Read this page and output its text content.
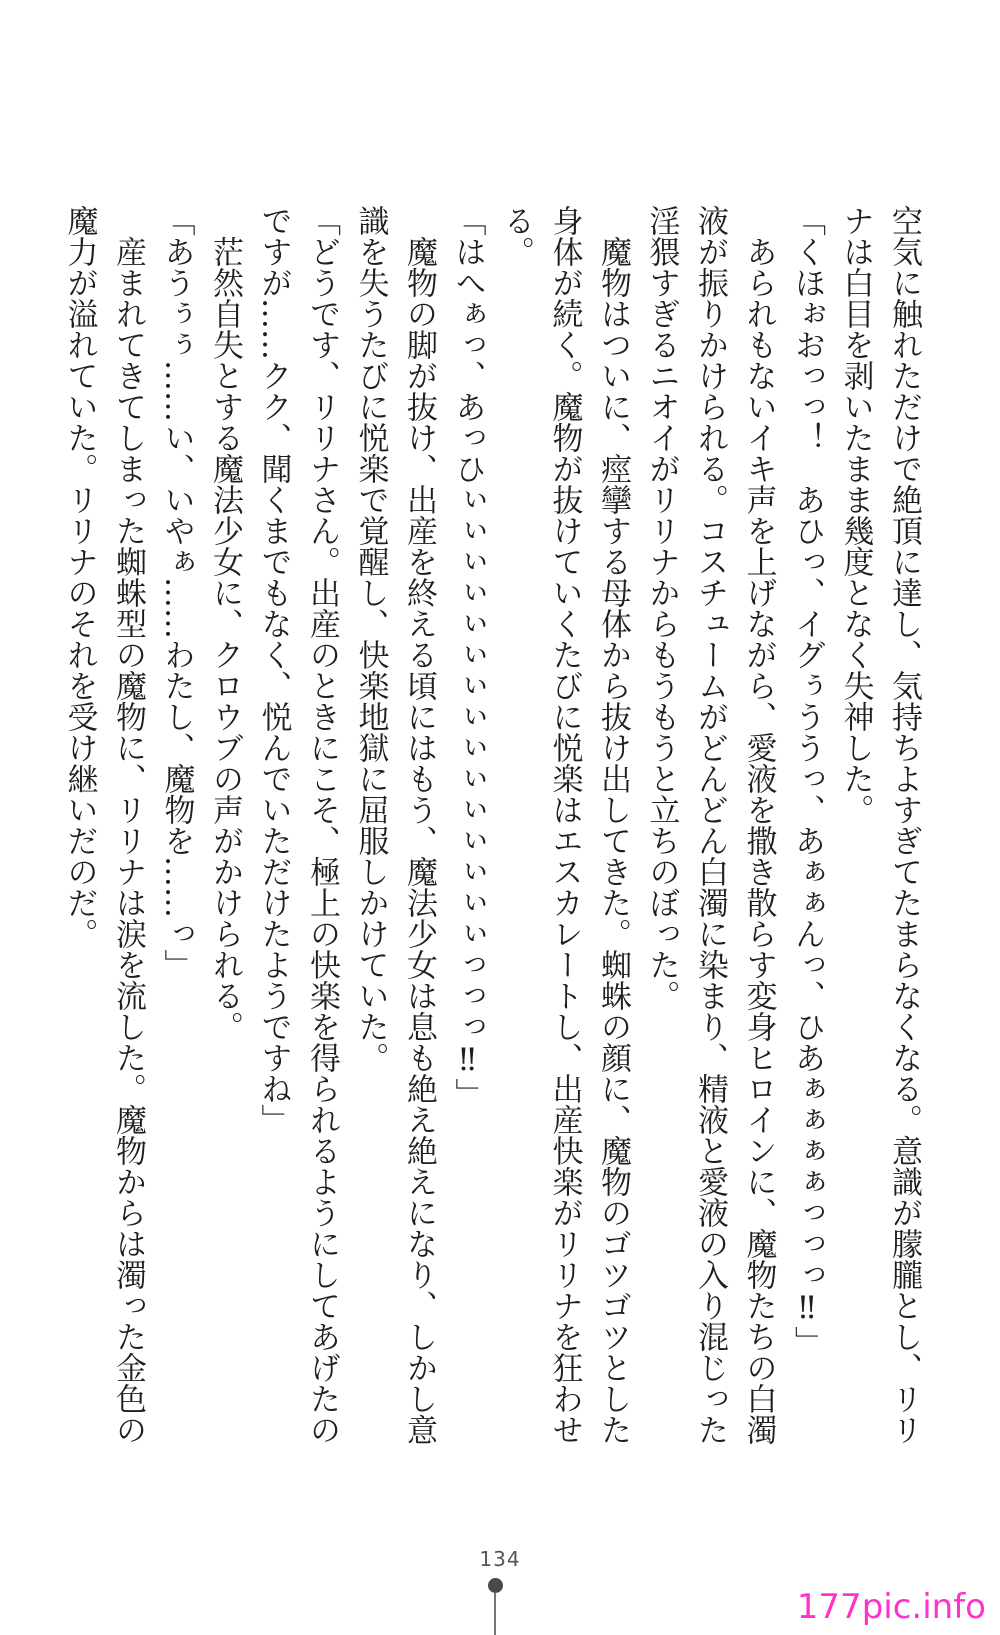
空気に触れただけで絶頂に達し、気持ちよすぎてたまらなくなる。意識が朦朧とし、リリ

ナは白目を剥いたまま幾度となく失神した。

「くほぉおっっ！　あひっ、イグぅううっ、あぁぁんっ、ひあぁぁぁぁっっっ‼」

　あられもないイキ声を上げながら、愛液を撒き散らす変身ヒロインに、魔物たちの白濁

液が振りかけられる。コスチュームがどんどん白濁に染まり、精液と愛液の入り混じった

淫猥すぎるニオイがリリナからもうもうと立ちのぼった。

　魔物はついに、痙攣する母体から抜け出してきた。蜘蛛の顔に、魔物のゴツゴツとした

身体が続く。魔物が抜けていくたびに悦楽はエスカレートし、出産快楽がリリナを狂わせ

る。

「はへぁっ、あっひぃぃぃぃぃぃぃぃぃぃぃぃぃぃぃっっっ‼」

　魔物の脚が抜け、出産を終える頃にはもう、魔法少女は息も絶え絶えになり、しかし意

識を失うたびに悦楽で覚醒し、快楽地獄に屈服しかけていた。

「どうです、リリナさん。出産のときにこそ、極上の快楽を得られるようにしてあげたの

ですが……クク、聞くまでもなく、悦んでいただけたようですね」

　茫然自失とする魔法少女に、クロウブの声がかけられる。

「あうぅぅ……い、いやぁ……わたし、魔物を……っ」

　産まれてきてしまった蜘蛛型の魔物に、リリナは涙を流した。魔物からは濁った金色の

魔力が溢れていた。リリナのそれを受け継いだのだ。

134
177pic.info
